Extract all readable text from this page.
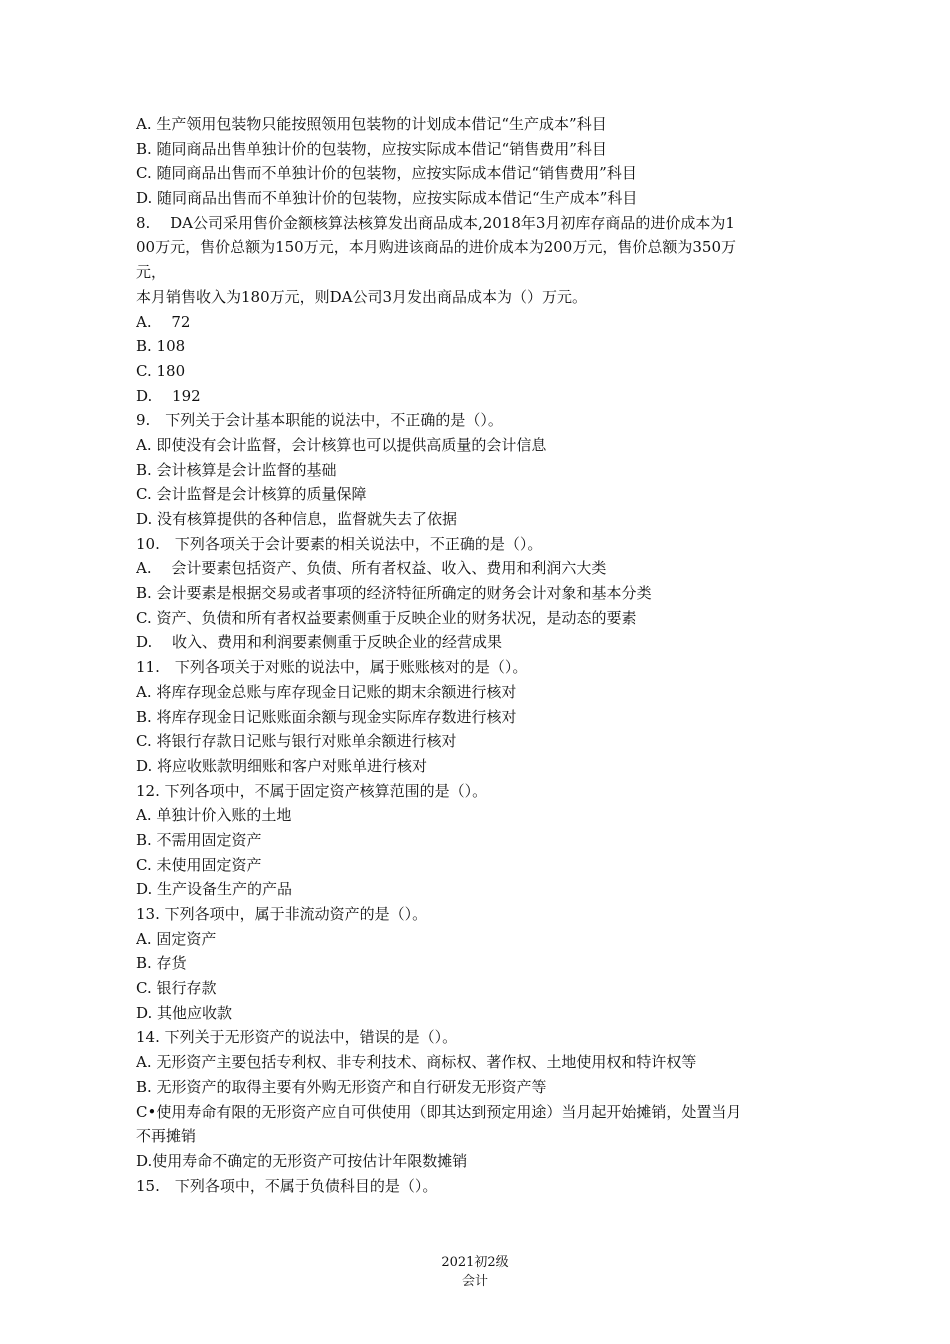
A. 生产领用包装物只能按照领用包装物的计划成本借记“生产成本”科目
B. 随同商品出售单独计价的包装物，应按实际成本借记“销售费用”科目
C. 随同商品出售而不单独计价的包装物，应按实际成本借记“销售费用”科目
D. 随同商品出售而不单独计价的包装物，应按实际成本借记“生产成本”科目
8.　 DA公司采用售价金额核算法核算发出商品成本,2018年3月初库存商品的进价成本为1
00万元，售价总额为150万元，本月购进该商品的进价成本为200万元，售价总额为350万
元，
本月销售收入为180万元，则DA公司3月发出商品成本为（）万元。
A.　 72
B. 108
C. 180
D.　 192
9.　下列关于会计基本职能的说法中，不正确的是（）。
A. 即使没有会计监督，会计核算也可以提供高质量的会计信息
B. 会计核算是会计监督的基础
C. 会计监督是会计核算的质量保障
D. 没有核算提供的各种信息，监督就失去了依据
10.　下列各项关于会计要素的相关说法中，不正确的是（）。
A.　 会计要素包括资产、负债、所有者权益、收入、费用和利润六大类
B. 会计要素是根据交易或者事项的经济特征所确定的财务会计对象和基本分类
C. 资产、负债和所有者权益要素侧重于反映企业的财务状况，是动态的要素
D.　 收入、费用和利润要素侧重于反映企业的经营成果
11.　下列各项关于对账的说法中，属于账账核对的是（）。
A. 将库存现金总账与库存现金日记账的期末余额进行核对
B. 将库存现金日记账账面余额与现金实际库存数进行核对
C. 将银行存款日记账与银行对账单余额进行核对
D. 将应收账款明细账和客户对账单进行核对
12. 下列各项中，不属于固定资产核算范围的是（）。
A. 单独计价入账的土地
B. 不需用固定资产
C. 未使用固定资产
D. 生产设备生产的产品
13. 下列各项中，属于非流动资产的是（）。
A. 固定资产
B. 存货
C. 银行存款
D. 其他应收款
14. 下列关于无形资产的说法中，错误的是（）。
A. 无形资产主要包括专利权、非专利技术、商标权、著作权、土地使用权和特许权等
B. 无形资产的取得主要有外购无形资产和自行研发无形资产等
C•使用寿命有限的无形资产应自可供使用（即其达到预定用途）当月起开始摊销，处置当月
不再摊销
D.使用寿命不确定的无形资产可按估计年限数摊销
15.　下列各项中，不属于负债科目的是（）。
2021初2级
会计
